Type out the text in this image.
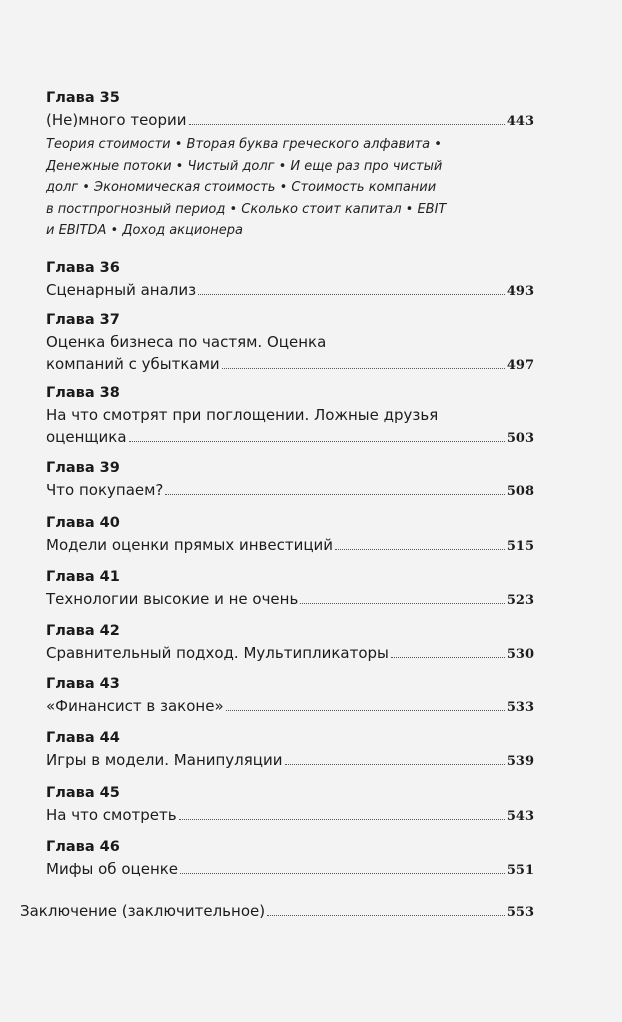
Глава 35
(Не)много теории	443
Теория стоимости • Вторая буква греческого алфавита •
Денежные потоки • Чистый долг • И еще раз про чистый
долг • Экономическая стоимость • Стоимость компании
в постпрогнозный период • Сколько стоит капитал • EBIT
и EBITDA • Доход акционера
Глава 36
Сценарный анализ	493
Глава 37
Оценка бизнеса по частям. Оценка
компаний с убытками	497
Глава 38
На что смотрят при поглощении. Ложные друзья
оценщика	503
Глава 39
Что покупаем?	508
Глава 40
Модели оценки прямых инвестиций	515
Глава 41
Технологии высокие и не очень	523
Глава 42
Сравнительный подход. Мультипликаторы	530
Глава 43
«Финансист в законе»	533
Глава 44
Игры в модели. Манипуляции	539
Глава 45
На что смотреть	543
Глава 46
Мифы об оценке	551
Заключение (заключительное)	553
